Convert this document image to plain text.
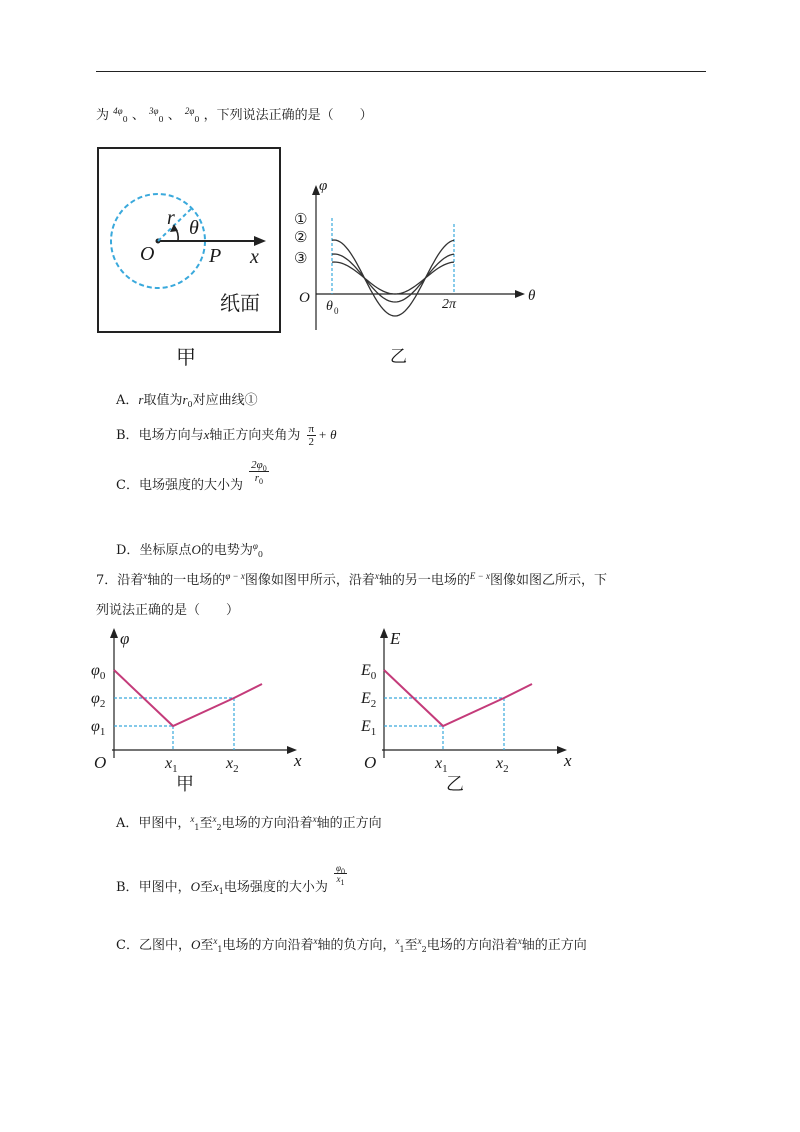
为 $^{4\varphi}_0$ 、 $^{3\varphi}_0$ 、 $^{2\varphi}_0$ ，下列说法正确的是（　　）
O
r θ
P x
纸面
甲
φ
θ
O
①
②
③
θ 0	2π
乙
A．r取值为$r_0$对应曲线①
B．电场方向与x轴正方向夹角为 $\frac{\pi}{2} + \theta$
C．电场强度的大小为
$\frac{2\varphi_0}{r_0}$
D．坐标原点O的电势为$^\varphi_0$
7．沿着$^x$轴的一电场的$^{\varphi - x}$图像如图甲所示，沿着$^x$轴的另一电场的$^{E - x}$图像如图乙所示，下
列说法正确的是（　　）
φ
x
O
$\varphi_0$
$\varphi_2$
$\varphi_1$
$x_1$	$x_2$
甲
E
x
O
$E_0$
$E_2$
$E_1$
$x_1$	$x_2$
乙
A．甲图中，$^x_1$至$^x_2$电场的方向沿着$^x$轴的正方向
B．甲图中，O至$x_1$电场强度的大小为
$\frac{\varphi 0}{x1}$
C．乙图中，O至$^x_1$电场的方向沿着$^x$轴的负方向，$^x_1$至$^x_2$电场的方向沿着$^x$轴的正方向
